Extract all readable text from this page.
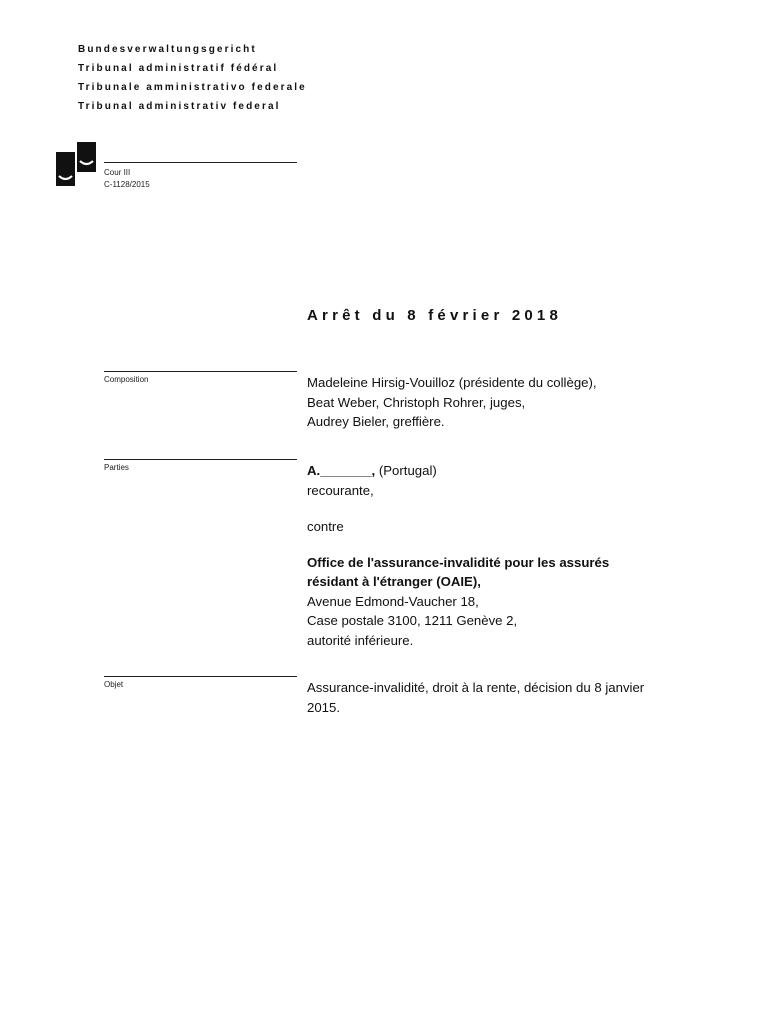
Bundesverwaltungsgericht
Tribunal administratif fédéral
Tribunale amministrativo federale
Tribunal administrativ federal
Cour III
C-1128/2015
Arrêt du 8 février 2018
Composition	Madeleine Hirsig-Vouilloz (présidente du collège),
Beat Weber, Christoph Rohrer, juges,
Audrey Bieler, greffière.
Parties	A._______, (Portugal)
recourante,
contre
Office de l'assurance-invalidité pour les assurés
résidant à l'étranger (OAIE),
Avenue Edmond-Vaucher 18,
Case postale 3100, 1211 Genève 2,
autorité inférieure.
Objet	Assurance-invalidité, droit à la rente, décision du 8 janvier
2015.
